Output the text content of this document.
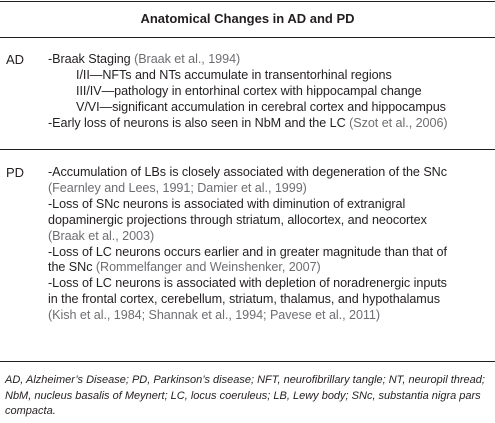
Anatomical Changes in AD and PD
AD -Braak Staging (Braak et al., 1994)
I/II—NFTs and NTs accumulate in transentorhinal regions
III/IV—pathology in entorhinal cortex with hippocampal change
V/VI—significant accumulation in cerebral cortex and hippocampus
-Early loss of neurons is also seen in NbM and the LC (Szot et al., 2006)
PD -Accumulation of LBs is closely associated with degeneration of the SNc
(Fearnley and Lees, 1991; Damier et al., 1999)
-Loss of SNc neurons is associated with diminution of extranigral
dopaminergic projections through striatum, allocortex, and neocortex
(Braak et al., 2003)
-Loss of LC neurons occurs earlier and in greater magnitude than that of
the SNc (Rommelfanger and Weinshenker, 2007)
-Loss of LC neurons is associated with depletion of noradrenergic inputs
in the frontal cortex, cerebellum, striatum, thalamus, and hypothalamus
(Kish et al., 1984; Shannak et al., 1994; Pavese et al., 2011)
AD, Alzheimer’s Disease; PD, Parkinson’s disease; NFT, neurofibrillary tangle; NT, neuropil thread; NbM, nucleus basalis of Meynert; LC, locus coeruleus; LB, Lewy body; SNc, substantia nigra pars compacta.
